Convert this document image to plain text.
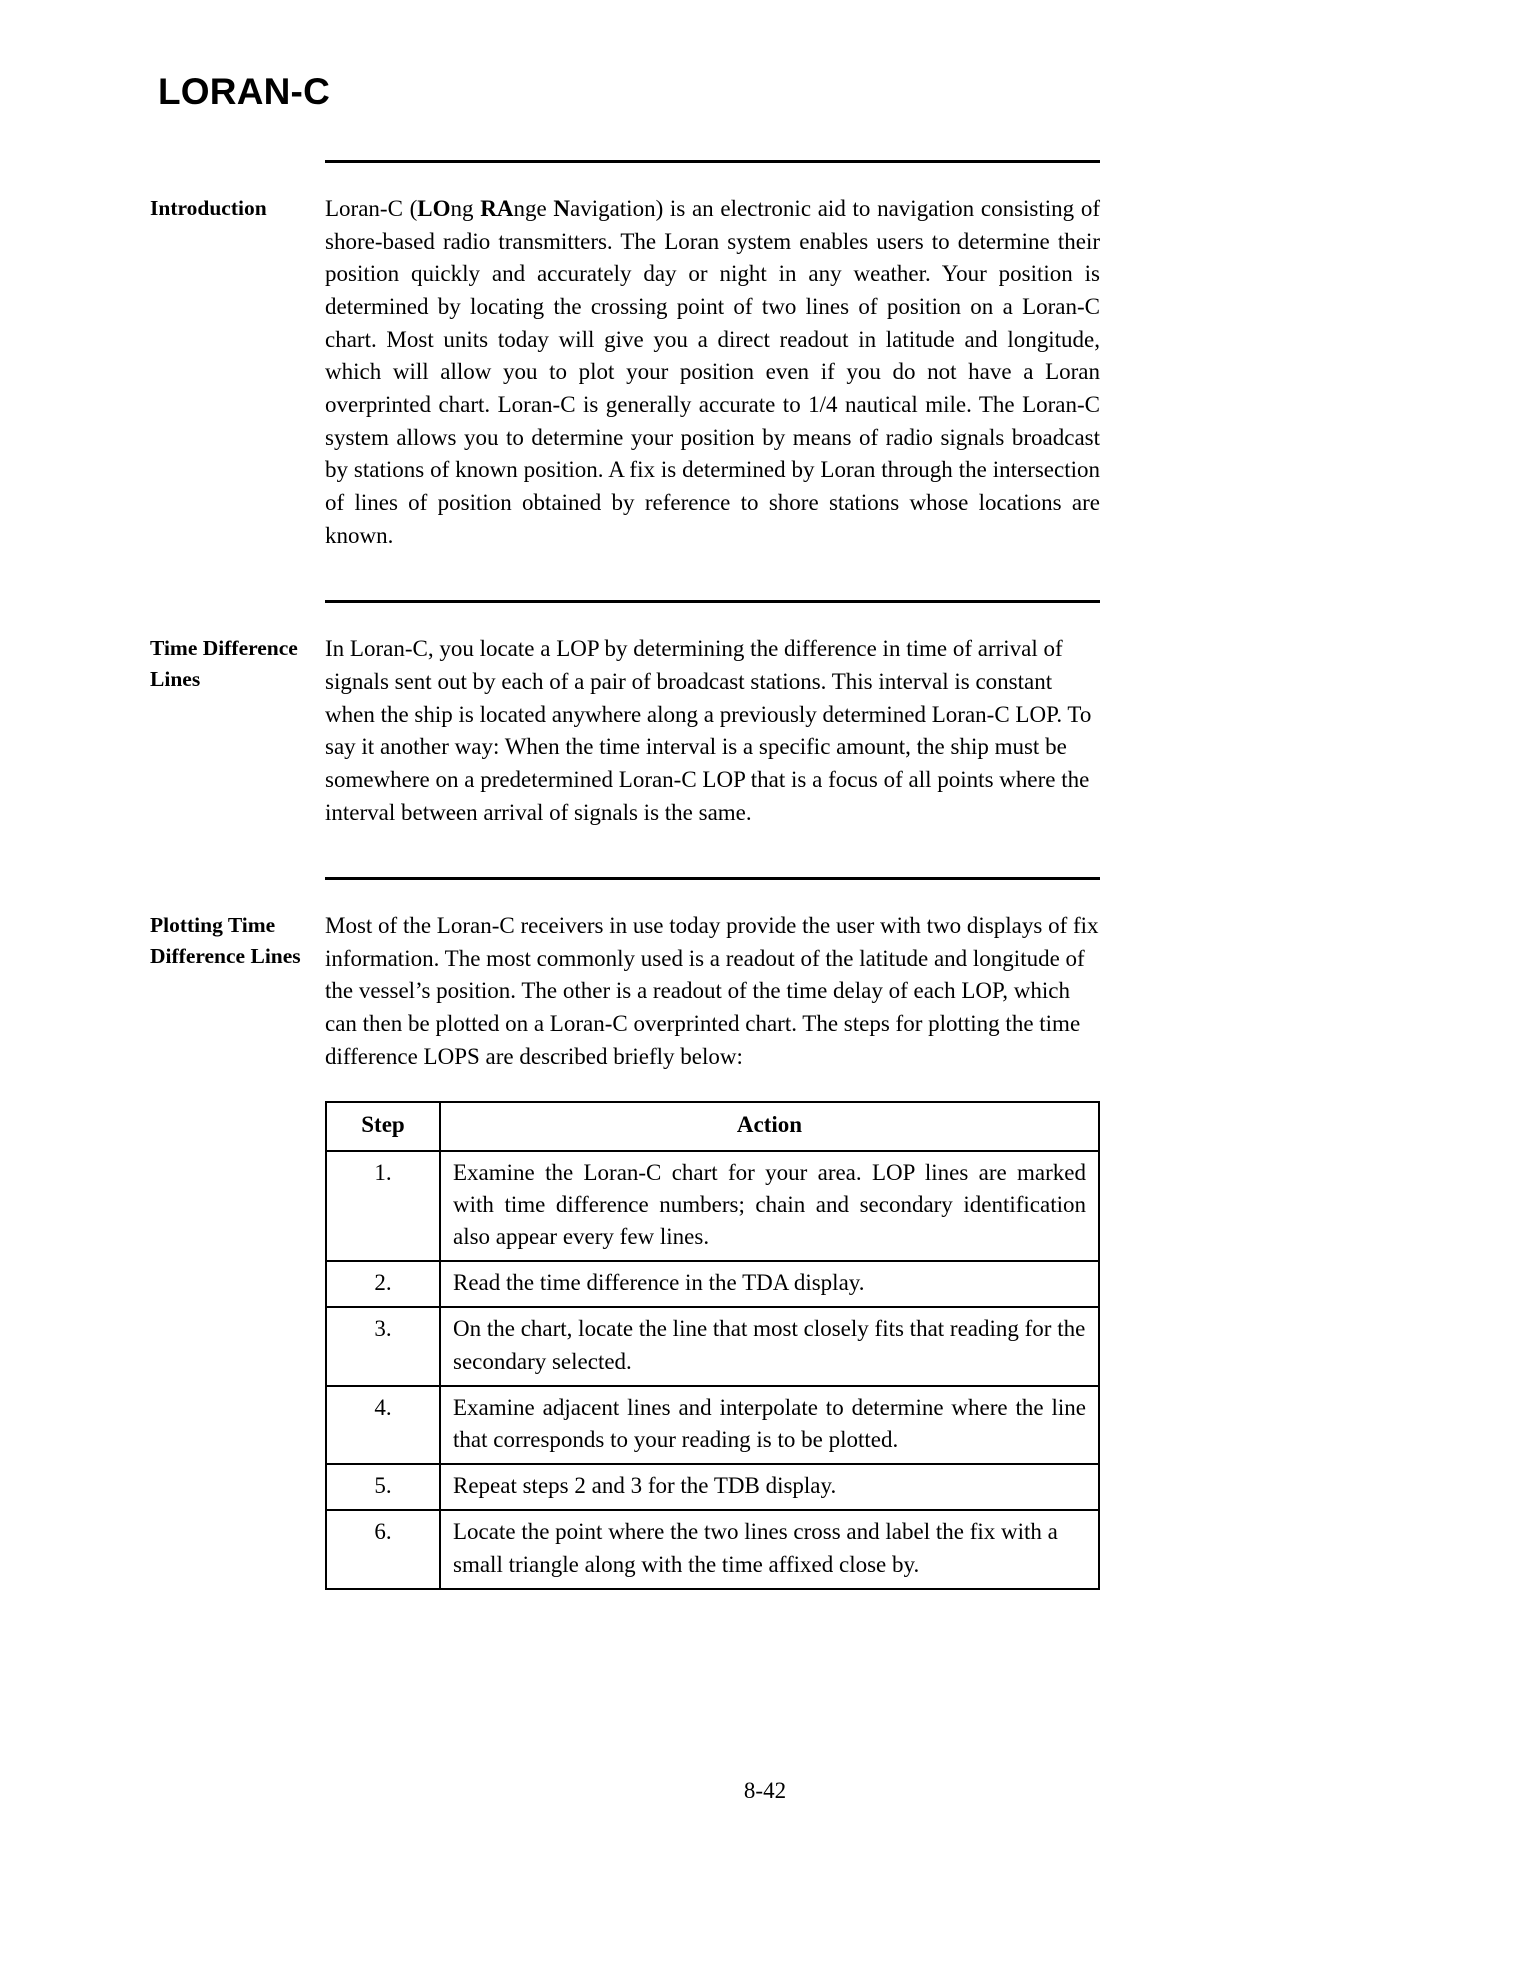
LORAN-C
Introduction	Loran-C (LOng RAnge Navigation) is an electronic aid to navigation consisting of shore-based radio transmitters. The Loran system enables users to determine their position quickly and accurately day or night in any weather. Your position is determined by locating the crossing point of two lines of position on a Loran-C chart. Most units today will give you a direct readout in latitude and longitude, which will allow you to plot your position even if you do not have a Loran overprinted chart. Loran-C is generally accurate to 1/4 nautical mile. The Loran-C system allows you to determine your position by means of radio signals broadcast by stations of known position. A fix is determined by Loran through the intersection of lines of position obtained by reference to shore stations whose locations are known.
Time Difference
Lines
In Loran-C, you locate a LOP by determining the difference in time of arrival of signals sent out by each of a pair of broadcast stations. This interval is constant when the ship is located anywhere along a previously determined Loran-C LOP. To say it another way: When the time interval is a specific amount, the ship must be somewhere on a predetermined Loran-C LOP that is a focus of all points where the interval between arrival of signals is the same.
Plotting Time
Difference Lines
Most of the Loran-C receivers in use today provide the user with two displays of fix information. The most commonly used is a readout of the latitude and longitude of the vessel’s position. The other is a readout of the time delay of each LOP, which can then be plotted on a Loran-C overprinted chart. The steps for plotting the time difference LOPS are described briefly below:
Step	Action
1.	Examine the Loran-C chart for your area. LOP lines are marked with time difference numbers; chain and secondary identification also appear every few lines.
2.	Read the time difference in the TDA display.
3.	On the chart, locate the line that most closely fits that reading for the secondary selected.
4.	Examine adjacent lines and interpolate to determine where the line that corresponds to your reading is to be plotted.
5.	Repeat steps 2 and 3 for the TDB display.
6.	Locate the point where the two lines cross and label the fix with a small triangle along with the time affixed close by.
8-42
